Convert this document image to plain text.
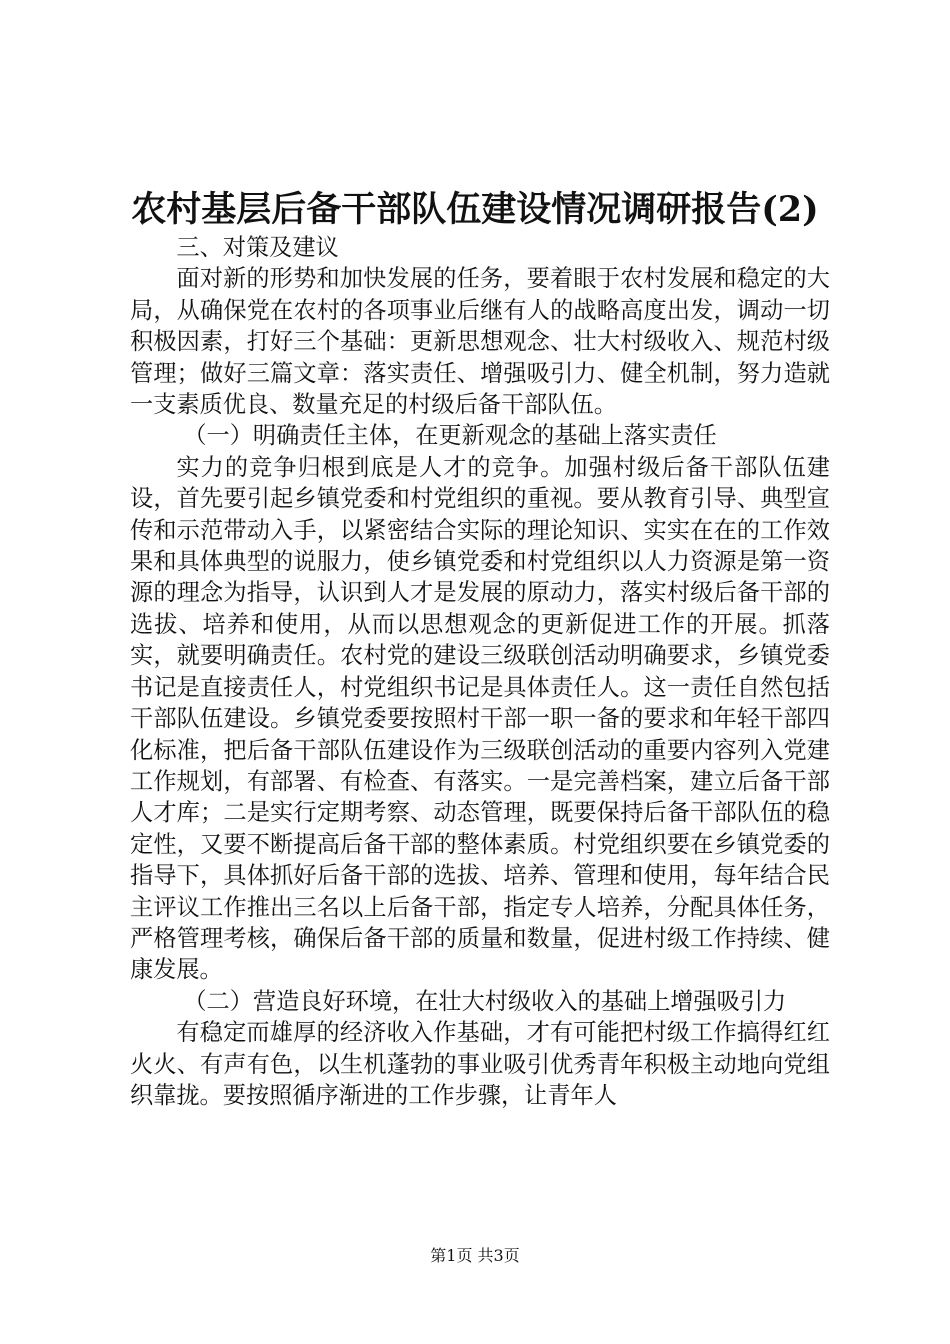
农村基层后备干部队伍建设情况调研报告(2)

三、对策及建议

面对新的形势和加快发展的任务，要着眼于农村发展和稳定的大局，从确保党在农村的各项事业后继有人的战略高度出发，调动一切积极因素，打好三个基础：更新思想观念、壮大村级收入、规范村级管理；做好三篇文章：落实责任、增强吸引力、健全机制，努力造就一支素质优良、数量充足的村级后备干部队伍。

（一）明确责任主体，在更新观念的基础上落实责任

实力的竞争归根到底是人才的竞争。加强村级后备干部队伍建设，首先要引起乡镇党委和村党组织的重视。要从教育引导、典型宣传和示范带动入手，以紧密结合实际的理论知识、实实在在的工作效果和具体典型的说服力，使乡镇党委和村党组织以人力资源是第一资源的理念为指导，认识到人才是发展的原动力，落实村级后备干部的选拔、培养和使用，从而以思想观念的更新促进工作的开展。抓落实，就要明确责任。农村党的建设三级联创活动明确要求，乡镇党委书记是直接责任人，村党组织书记是具体责任人。这一责任自然包括干部队伍建设。乡镇党委要按照村干部一职一备的要求和年轻干部四化标准，把后备干部队伍建设作为三级联创活动的重要内容列入党建工作规划，有部署、有检查、有落实。一是完善档案，建立后备干部人才库；二是实行定期考察、动态管理，既要保持后备干部队伍的稳定性，又要不断提高后备干部的整体素质。村党组织要在乡镇党委的指导下，具体抓好后备干部的选拔、培养、管理和使用，每年结合民主评议工作推出三名以上后备干部，指定专人培养，分配具体任务，严格管理考核，确保后备干部的质量和数量，促进村级工作持续、健康发展。

（二）营造良好环境，在壮大村级收入的基础上增强吸引力

有稳定而雄厚的经济收入作基础，才有可能把村级工作搞得红红火火、有声有色，以生机蓬勃的事业吸引优秀青年积极主动地向党组织靠拢。要按照循序渐进的工作步骤，让青年人

第1页 共3页
